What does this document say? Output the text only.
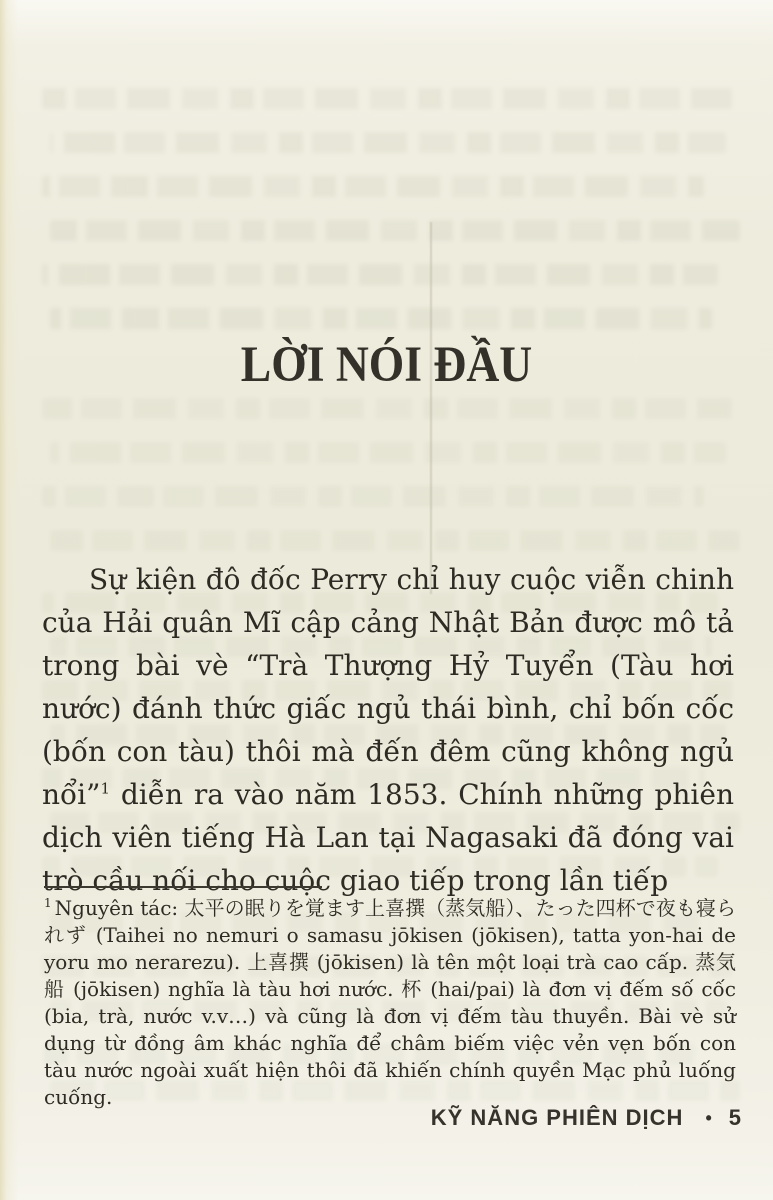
LỜI NÓI ĐẦU
Sự kiện đô đốc Perry chỉ huy cuộc viễn chinh của Hải quân Mĩ cập cảng Nhật Bản được mô tả trong bài vè “Trà Thượng Hỷ Tuyển (Tàu hơi nước) đánh thức giấc ngủ thái bình, chỉ bốn cốc (bốn con tàu) thôi mà đến đêm cũng không ngủ nổi”$^1$ diễn ra vào năm 1853. Chính những phiên dịch viên tiếng Hà Lan tại Nagasaki đã đóng vai trò cầu nối cho cuộc giao tiếp trong lần tiếp
$^1$ Nguyên tác: 太平の眠りを覚ます上喜撰（蒸気船）、たった四杯で夜も寝られず (Taihei no nemuri o samasu jōkisen (jōkisen), tatta yon-hai de yoru mo nerarezu). 上喜撰 (jōkisen) là tên một loại trà cao cấp. 蒸気船 (jōkisen) nghĩa là tàu hơi nước. 杯 (hai/pai) là đơn vị đếm số cốc (bia, trà, nước v.v…) và cũng là đơn vị đếm tàu thuyền. Bài vè sử dụng từ đồng âm khác nghĩa để châm biếm việc vẻn vẹn bốn con tàu nước ngoài xuất hiện thôi đã khiến chính quyền Mạc phủ luống cuống.
KỸ NĂNG PHIÊN DỊCH • 5
